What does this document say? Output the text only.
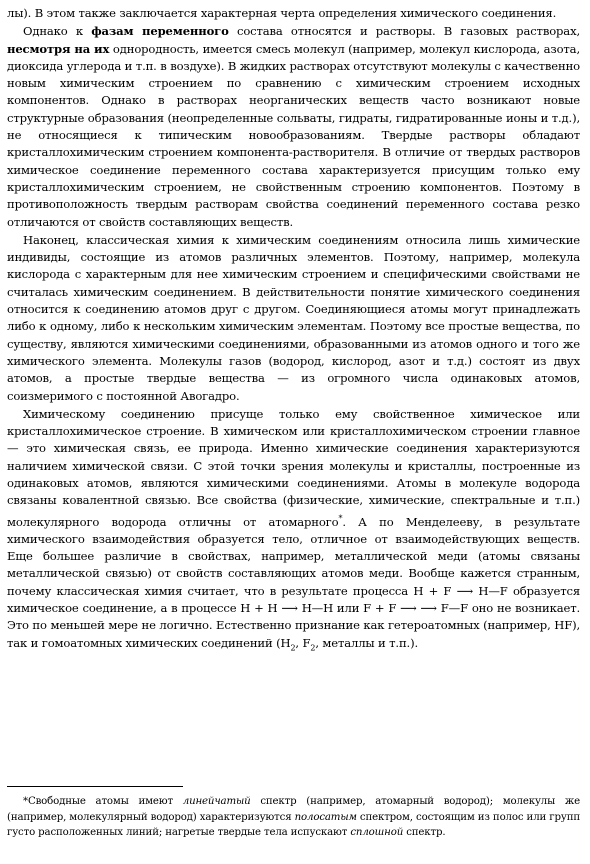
лы). В этом также заключается характерная черта определения химического соединения.

Однако к фазам переменного состава относятся и растворы. В газовых растворах, несмотря на их однородность, имеется смесь молекул (например, молекул кислорода, азота, диоксида углерода и т.п. в воздухе). В жидких растворах отсутствуют молекулы с качественно новым химическим строением по сравнению с химическим строением исходных компонентов. Однако в растворах неорганических веществ часто возникают новые структурные образования (неопределенные сольваты, гидраты, гидратированные ионы и т.д.), не относящиеся к типическим новообразованиям. Твердые растворы обладают кристаллохимическим строением компонента-растворителя. В отличие от твердых растворов химическое соединение переменного состава характеризуется присущим только ему кристаллохимическим строением, не свойственным строению компонентов. Поэтому в противоположность твердым растворам свойства соединений переменного состава резко отличаются от свойств составляющих веществ.

Наконец, классическая химия к химическим соединениям относила лишь химические индивиды, состоящие из атомов различных элементов. Поэтому, например, молекула кислорода с характерным для нее химическим строением и специфическими свойствами не считалась химическим соединением. В действительности понятие химического соединения относится к соединению атомов друг с другом. Соединяющиеся атомы могут принадлежать либо к одному, либо к нескольким химическим элементам. Поэтому все простые вещества, по существу, являются химическими соединениями, образованными из атомов одного и того же химического элемента. Молекулы газов (водород, кислород, азот и т.д.) состоят из двух атомов, а простые твердые вещества — из огромного числа одинаковых атомов, соизмеримого с постоянной Авогадро.

Химическому соединению присуще только ему свойственное химическое или кристаллохимическое строение. В химическом или кристаллохимическом строении главное — это химическая связь, ее природа. Именно химические соединения характеризуются наличием химической связи. С этой точки зрения молекулы и кристаллы, построенные из одинаковых атомов, являются химическими соединениями. Атомы в молекуле водорода связаны ковалентной связью. Все свойства (физические, химические, спектральные и т.п.) молекулярного водорода отличны от атомарного*. А по Менделееву, в результате химического взаимодействия образуется тело, отличное от взаимодействующих веществ. Еще большее различие в свойствах, например, металлической меди (атомы связаны металлической связью) от свойств составляющих атомов меди. Вообще кажется странным, почему классическая химия считает, что в результате процесса Н + F ⟶ Н—F образуется химическое соединение, а в процессе Н + Н ⟶ Н—Н или F + F ⟶ ⟶ F—F оно не возникает. Это по меньшей мере не логично. Естественно признание как гетероатомных (например, HF), так и гомоатомных химических соединений ($H_2$, $F_2$, металлы и т.п.).

*Свободные атомы имеют линейчатый спектр (например, атомарный водород); молекулы же (например, молекулярный водород) характеризуются полосатым спектром, состоящим из полос или групп густо расположенных линий; нагретые твердые тела испускают сплошной спектр.
